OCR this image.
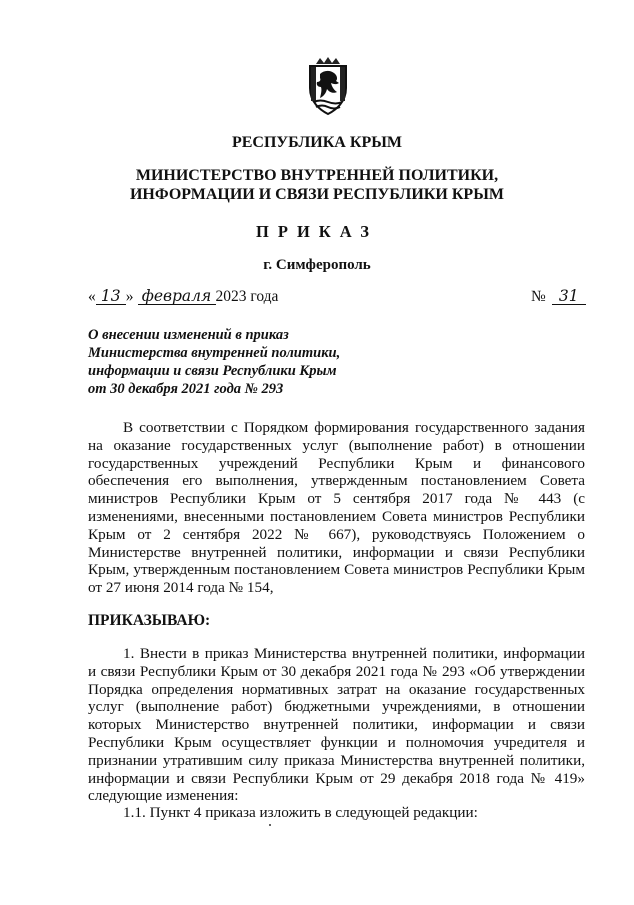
РЕСПУБЛИКА КРЫМ
МИНИСТЕРСТВО ВНУТРЕННЕЙ ПОЛИТИКИ,
ИНФОРМАЦИИ И СВЯЗИ РЕСПУБЛИКИ КРЫМ
ПРИКАЗ
г. Симферополь
« 13 » февраля 2023 года	№ 31
О внесении изменений в приказ
Министерства внутренней политики,
информации и связи Республики Крым
от 30 декабря 2021 года № 293
В соответствии с Порядком формирования государственного задания на оказание государственных услуг (выполнение работ) в отношении государственных учреждений Республики Крым и финансового обеспечения его выполнения, утвержденным постановлением Совета министров Республики Крым от 5 сентября 2017 года № 443 (с изменениями, внесенными постановлением Совета министров Республики Крым от 2 сентября 2022 № 667), руководствуясь Положением о Министерстве внутренней политики, информации и связи Республики Крым, утвержденным постановлением Совета министров Республики Крым от 27 июня 2014 года № 154,
ПРИКАЗЫВАЮ:
1. Внести в приказ Министерства внутренней политики, информации и связи Республики Крым от 30 декабря 2021 года № 293 «Об утверждении Порядка определения нормативных затрат на оказание государственных услуг (выполнение работ) бюджетными учреждениями, в отношении которых Министерство внутренней политики, информации и связи Республики Крым осуществляет функции и полномочия учредителя и признании утратившим силу приказа Министерства внутренней политики, информации и связи Республики Крым от 29 декабря 2018 года № 419» следующие изменения:
1.1. Пункт 4 приказа изложить в следующей редакции:
